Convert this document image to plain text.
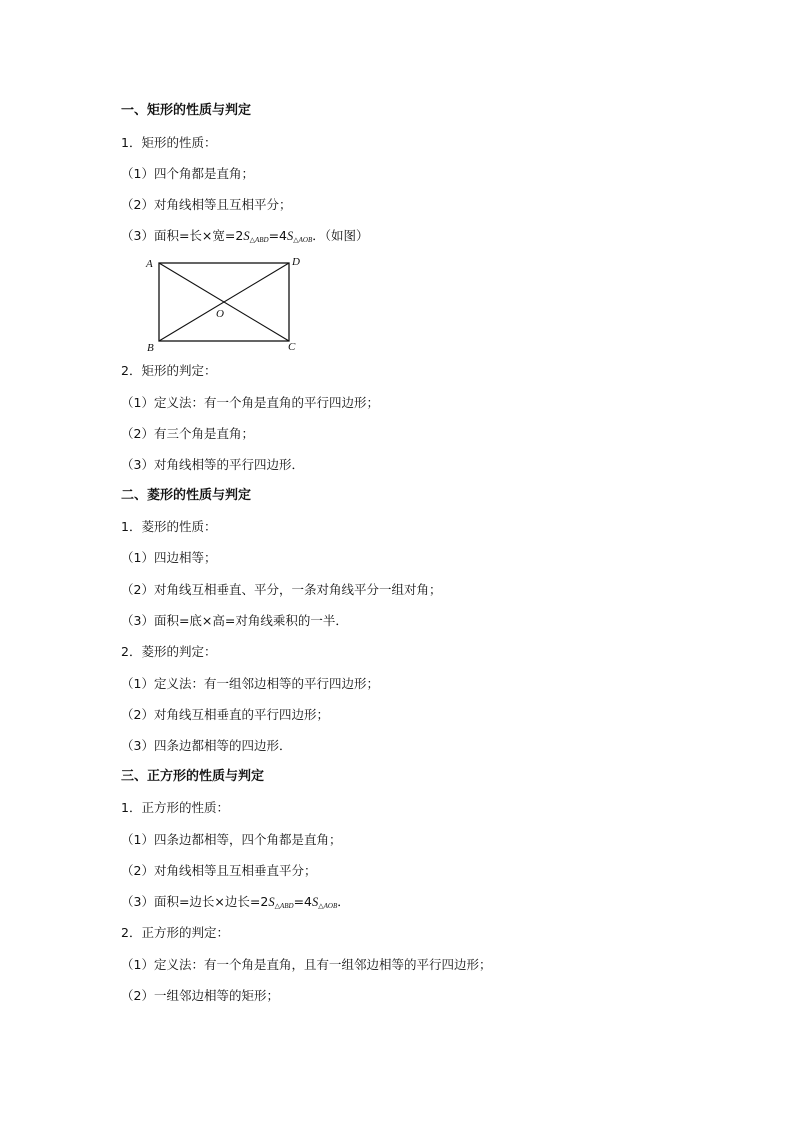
一、矩形的性质与判定
1．矩形的性质：
（1）四个角都是直角；
（2）对角线相等且互相平分；
（3）面积=长×宽$=2S_{\triangle ABD}=4S_{\triangle AOB}$．（如图）
A	D
O
B	C
2．矩形的判定：
（1）定义法：有一个角是直角的平行四边形；
（2）有三个角是直角；
（3）对角线相等的平行四边形．
二、菱形的性质与判定
1．菱形的性质：
（1）四边相等；
（2）对角线互相垂直、平分，一条对角线平分一组对角；
（3）面积=底×高=对角线乘积的一半．
2．菱形的判定：
（1）定义法：有一组邻边相等的平行四边形；
（2）对角线互相垂直的平行四边形；
（3）四条边都相等的四边形．
三、正方形的性质与判定
1．正方形的性质：
（1）四条边都相等，四个角都是直角；
（2）对角线相等且互相垂直平分；
（3）面积=边长×边长$=2S_{\triangle ABD}=4S_{\triangle AOB}$．
2．正方形的判定：
（1）定义法：有一个角是直角，且有一组邻边相等的平行四边形；
（2）一组邻边相等的矩形；
